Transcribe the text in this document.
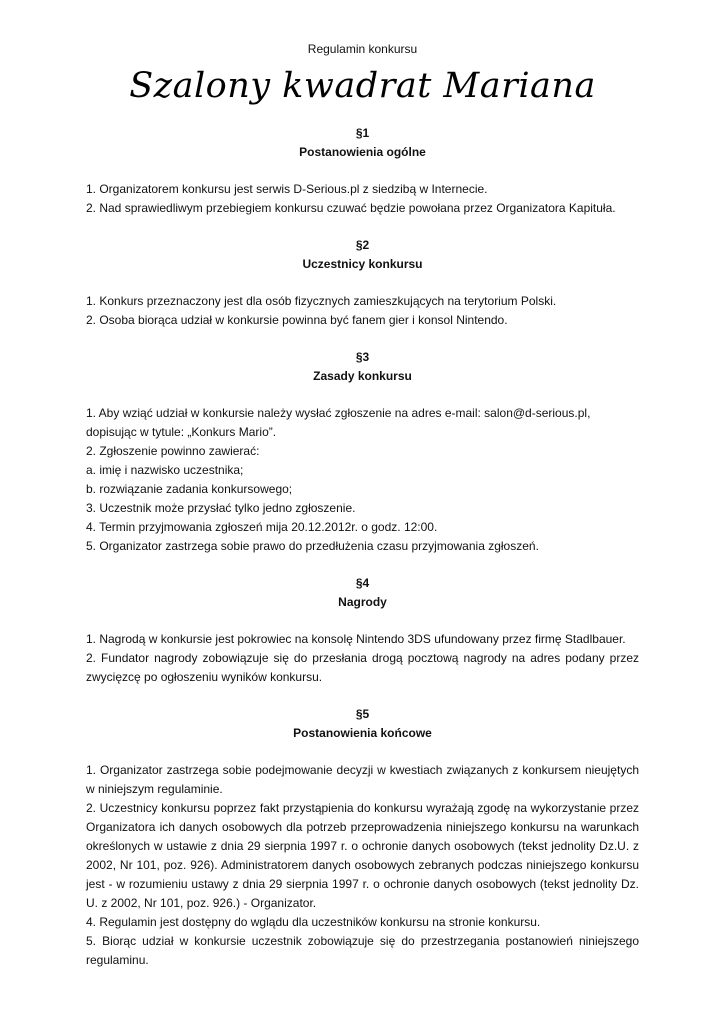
Regulamin konkursu
Szalony kwadrat Mariana
§1
Postanowienia ogólne

1. Organizatorem konkursu jest serwis D-Serious.pl z siedzibą w Internecie.

2. Nad sprawiedliwym przebiegiem konkursu czuwać będzie powołana przez Organizatora Kapituła.

§2
Uczestnicy konkursu

1. Konkurs przeznaczony jest dla osób fizycznych zamieszkujących na terytorium Polski.

2. Osoba biorąca udział w konkursie powinna być fanem gier i konsol Nintendo.

§3
Zasady konkursu

1. Aby wziąć udział w konkursie należy wysłać zgłoszenie na adres e-mail: salon@d-serious.pl, dopisując w tytule: „Konkurs Mario”.

2. Zgłoszenie powinno zawierać:

a. imię i nazwisko uczestnika;

b. rozwiązanie zadania konkursowego;

3. Uczestnik może przysłać tylko jedno zgłoszenie.

4. Termin przyjmowania zgłoszeń mija 20.12.2012r. o godz. 12:00.

5. Organizator zastrzega sobie prawo do przedłużenia czasu przyjmowania zgłoszeń.

§4
Nagrody

1. Nagrodą w konkursie jest pokrowiec na konsolę Nintendo 3DS ufundowany przez firmę Stadlbauer.

2. Fundator nagrody zobowiązuje się do przesłania drogą pocztową nagrody na adres podany przez zwycięzcę po ogłoszeniu wyników konkursu.

§5
Postanowienia końcowe

1. Organizator zastrzega sobie podejmowanie decyzji w kwestiach związanych z konkursem nieujętych w niniejszym regulaminie.

2. Uczestnicy konkursu poprzez fakt przystąpienia do konkursu wyrażają zgodę na wykorzystanie przez Organizatora ich danych osobowych dla potrzeb przeprowadzenia niniejszego konkursu na warunkach określonych w ustawie z dnia 29 sierpnia 1997 r. o ochronie danych osobowych (tekst jednolity Dz.U. z 2002, Nr 101, poz. 926). Administratorem danych osobowych zebranych podczas niniejszego konkursu jest - w rozumieniu ustawy z dnia 29 sierpnia 1997 r. o ochronie danych osobowych (tekst jednolity Dz. U. z 2002, Nr 101, poz. 926.) - Organizator.

4. Regulamin jest dostępny do wglądu dla uczestników konkursu na stronie konkursu.

5. Biorąc udział w konkursie uczestnik zobowiązuje się do przestrzegania postanowień niniejszego regulaminu.
